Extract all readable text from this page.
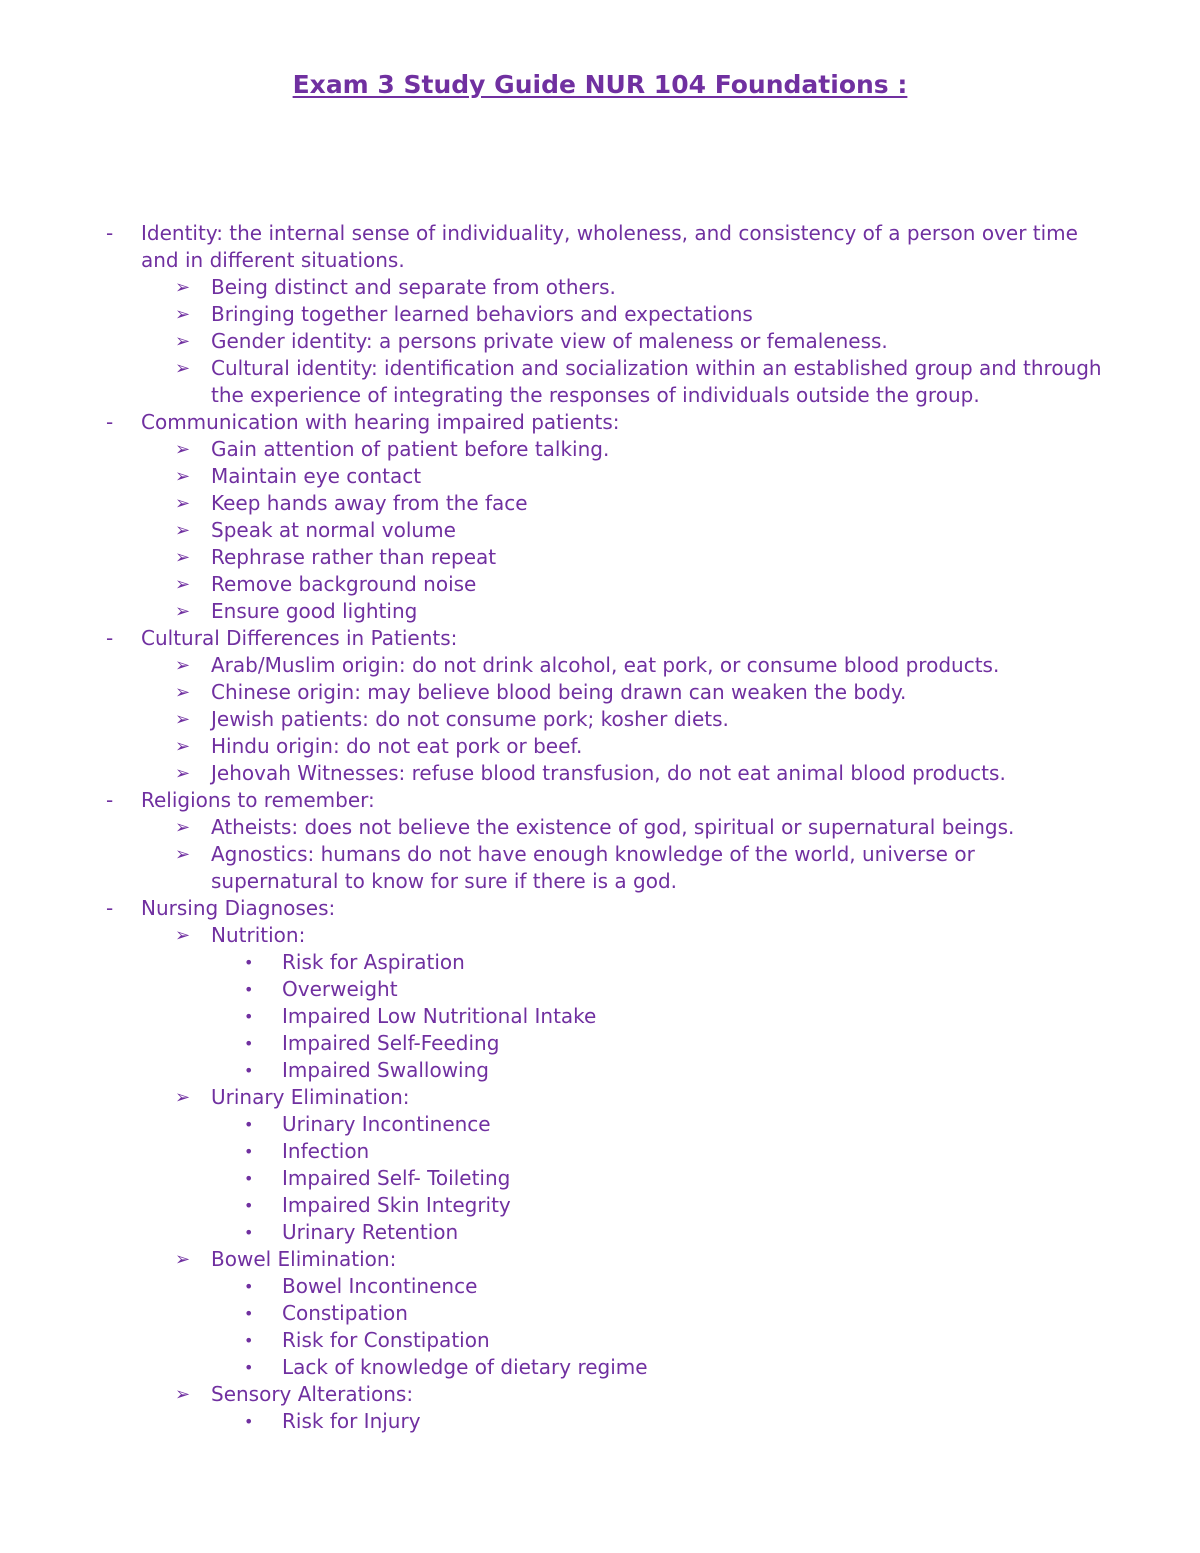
Exam 3 Study Guide NUR 104 Foundations :
- Identity: the internal sense of individuality, wholeness, and consistency of a person over time and in different situations.
➢ Being distinct and separate from others.
➢ Bringing together learned behaviors and expectations
➢ Gender identity: a persons private view of maleness or femaleness.
➢ Cultural identity: identification and socialization within an established group and through the experience of integrating the responses of individuals outside the group.
- Communication with hearing impaired patients:
➢ Gain attention of patient before talking.
➢ Maintain eye contact
➢ Keep hands away from the face
➢ Speak at normal volume
➢ Rephrase rather than repeat
➢ Remove background noise
➢ Ensure good lighting
- Cultural Differences in Patients:
➢ Arab/Muslim origin: do not drink alcohol, eat pork, or consume blood products.
➢ Chinese origin: may believe blood being drawn can weaken the body.
➢ Jewish patients: do not consume pork; kosher diets.
➢ Hindu origin: do not eat pork or beef.
➢ Jehovah Witnesses: refuse blood transfusion, do not eat animal blood products.
- Religions to remember:
➢ Atheists: does not believe the existence of god, spiritual or supernatural beings.
➢ Agnostics: humans do not have enough knowledge of the world, universe or supernatural to know for sure if there is a god.
- Nursing Diagnoses:
➢ Nutrition:
• Risk for Aspiration
• Overweight
• Impaired Low Nutritional Intake
• Impaired Self-Feeding
• Impaired Swallowing
➢ Urinary Elimination:
• Urinary Incontinence
• Infection
• Impaired Self- Toileting
• Impaired Skin Integrity
• Urinary Retention
➢ Bowel Elimination:
• Bowel Incontinence
• Constipation
• Risk for Constipation
• Lack of knowledge of dietary regime
➢ Sensory Alterations:
• Risk for Injury
